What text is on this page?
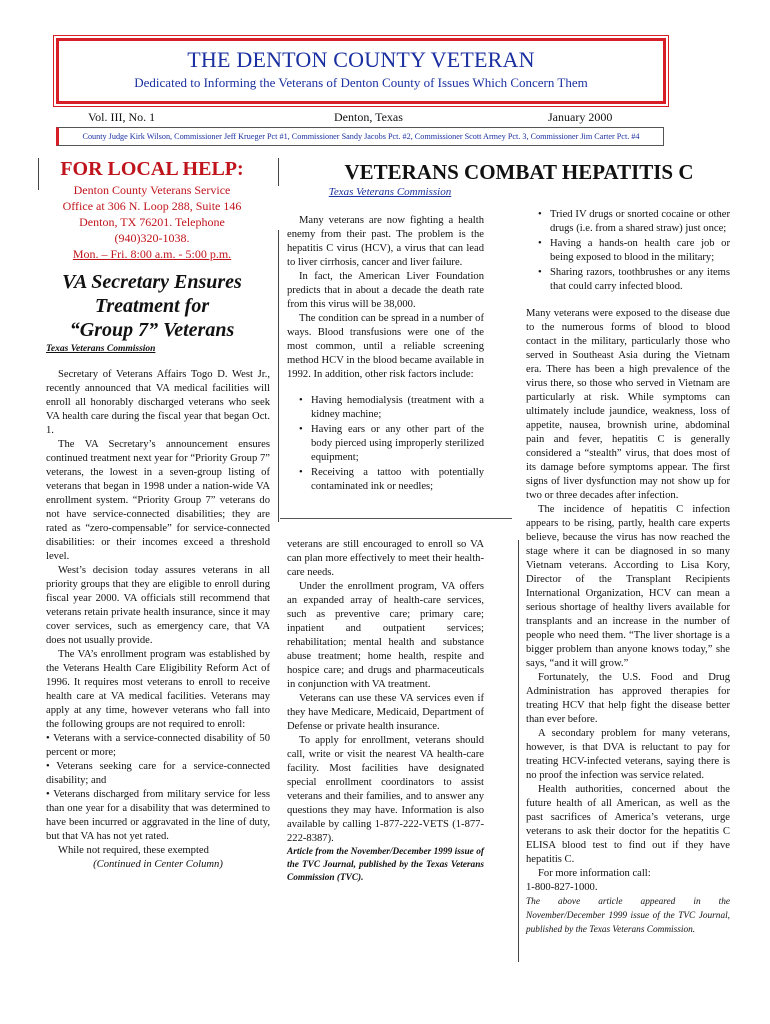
THE DENTON COUNTY VETERAN
Dedicated to Informing the Veterans of Denton County of Issues Which Concern Them
Vol. III, No. 1	Denton, Texas	January 2000
County Judge Kirk Wilson, Commissioner Jeff Krueger Pct #1, Commissioner Sandy Jacobs Pct. #2, Commissioner Scott Armey Pct. 3, Commissioner Jim Carter Pct. #4
FOR LOCAL HELP:
Denton County Veterans Service
Office at 306 N. Loop 288, Suite 146
Denton, TX 76201. Telephone
(940)320-1038.
Mon. – Fri. 8:00 a.m. - 5:00 p.m.
VA Secretary Ensures
Treatment for
“Group 7” Veterans

Texas Veterans Commission

Secretary of Veterans Affairs Togo D. West Jr., recently announced that VA medical facilities will enroll all honorably discharged veterans who seek VA health care during the fiscal year that began Oct. 1.

The VA Secretary’s announcement ensures continued treatment next year for “Priority Group 7” veterans, the lowest in a seven-group listing of veterans that began in 1998 under a nation-wide VA enrollment system. “Priority Group 7” veterans do not have service-connected disabilities; they are rated as “zero-compensable” for service-connected disabilities: or their incomes exceed a threshold level.

West’s decision today assures veterans in all priority groups that they are eligible to enroll during fiscal year 2000. VA officials still recommend that veterans retain private health insurance, since it may cover services, such as emergency care, that VA does not usually provide.

The VA’s enrollment program was established by the Veterans Health Care Eligibility Reform Act of 1996. It requires most veterans to enroll to receive health care at VA medical facilities. Veterans may apply at any time, however veterans who fall into the following groups are not required to enroll:

• Veterans with a service-connected disability of 50 percent or more;

• Veterans seeking care for a service-connected disability; and

• Veterans discharged from military service for less than one year for a disability that was determined to have been incurred or aggravated in the line of duty, but that VA has not yet rated.

While not required, these exempted

(Continued in Center Column)

VETERANS COMBAT HEPATITIS C
Texas Veterans Commission

Many veterans are now fighting a health enemy from their past. The problem is the hepatitis C virus (HCV), a virus that can lead to liver cirrhosis, cancer and liver failure.

In fact, the American Liver Foundation predicts that in about a decade the death rate from this virus will be 38,000.

The condition can be spread in a number of ways. Blood transfusions were one of the most common, until a reliable screening method HCV in the blood became available in 1992. In addition, other risk factors include:

• Having hemodialysis (treatment with a kidney machine;
• Having ears or any other part of the body pierced using improperly sterilized equipment;
• Receiving a tattoo with potentially contaminated ink or needles;

veterans are still encouraged to enroll so VA can plan more effectively to meet their health-care needs.

Under the enrollment program, VA offers an expanded array of health-care services, such as preventive care; primary care; inpatient and outpatient services; rehabilitation; mental health and substance abuse treatment; home health, respite and hospice care; and drugs and pharmaceuticals in conjunction with VA treatment.

Veterans can use these VA services even if they have Medicare, Medicaid, Department of Defense or private health insurance.

To apply for enrollment, veterans should call, write or visit the nearest VA health-care facility. Most facilities have designated special enrollment coordinators to assist veterans and their families, and to answer any questions they may have. Information is also available by calling 1-877-222-VETS (1-877-222-8387).

Article from the November/December 1999 issue of the TVC Journal, published by the Texas Veterans Commission (TVC).

• Tried IV drugs or snorted cocaine or other drugs (i.e. from a shared straw) just once;
• Having a hands-on health care job or being exposed to blood in the military;
• Sharing razors, toothbrushes or any items that could carry infected blood.

Many veterans were exposed to the disease due to the numerous forms of blood to blood contact in the military, particularly those who served in Southeast Asia during the Vietnam era. There has been a high prevalence of the virus there, so those who served in Vietnam are particularly at risk. While symptoms can ultimately include jaundice, weakness, loss of appetite, nausea, brownish urine, abdominal pain and fever, hepatitis C is generally considered a “stealth” virus, that does most of its damage before symptoms appear. The first signs of liver dysfunction may not show up for two or three decades after infection.

The incidence of hepatitis C infection appears to be rising, partly, health care experts believe, because the virus has now reached the stage where it can be diagnosed in so many Vietnam veterans. According to Lisa Kory, Director of the Transplant Recipients International Organization, HCV can mean a serious shortage of healthy livers available for transplants and an increase in the number of people who need them. “The liver shortage is a bigger problem than anyone knows today,” she says, “and it will grow.”

Fortunately, the U.S. Food and Drug Administration has approved therapies for treating HCV that help fight the disease better than ever before.

A secondary problem for many veterans, however, is that DVA is reluctant to pay for treating HCV-infected veterans, saying there is no proof the infection was service related.

Health authorities, concerned about the future health of all American, as well as the past sacrifices of America’s veterans, urge veterans to ask their doctor for the hepatitis C ELISA blood test to find out if they have hepatitis C.

For more information call:

1-800-827-1000.

The above article appeared in the November/December 1999 issue of the TVC Journal, published by the Texas Veterans Commission.
